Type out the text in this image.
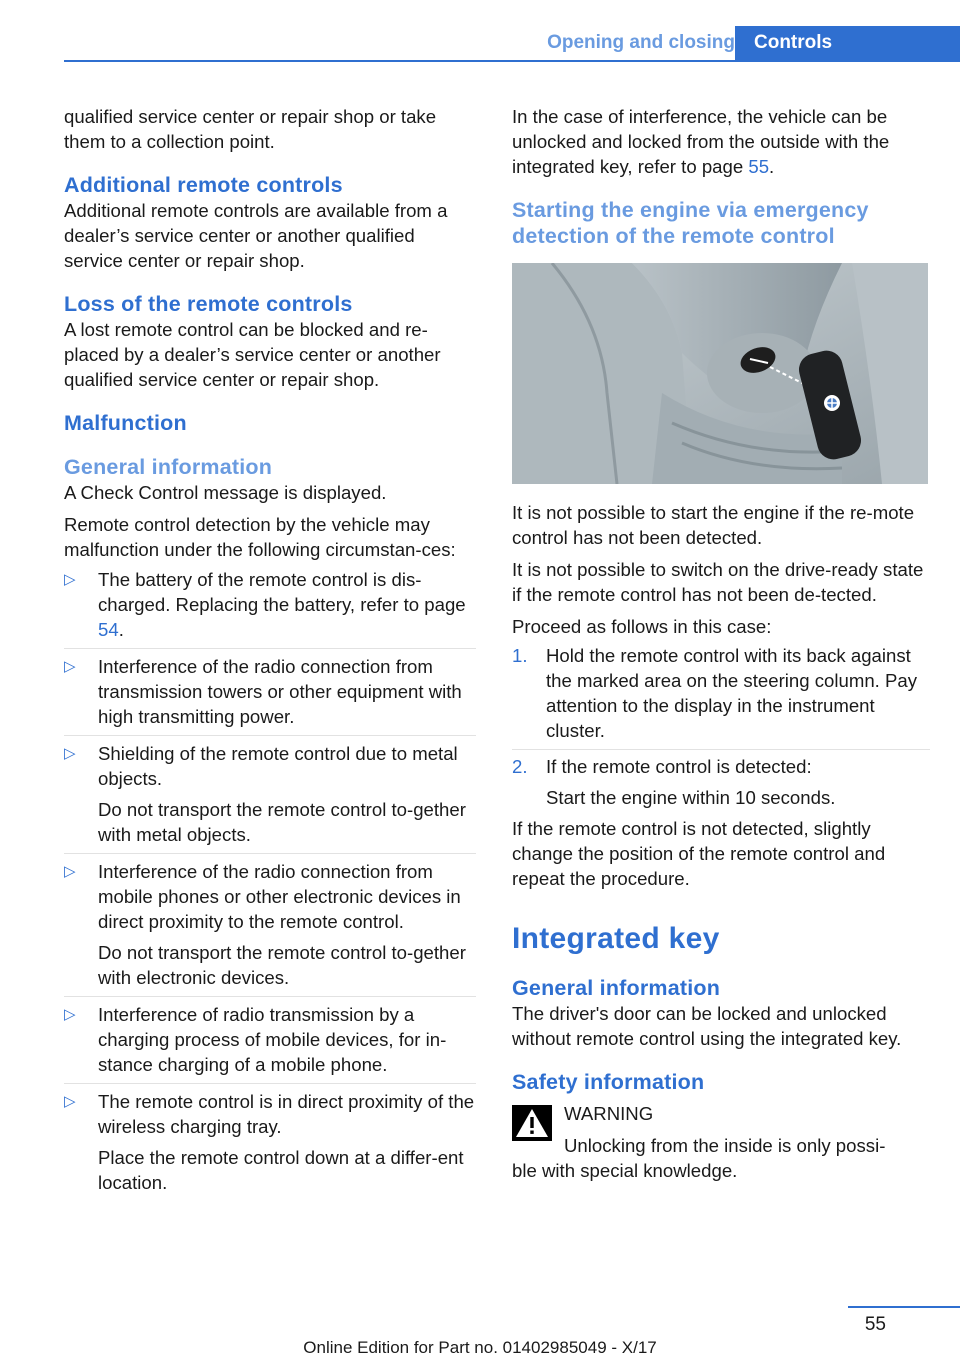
Opening and closing	Controls

qualified service center or repair shop or take them to a collection point.

Additional remote controls

Additional remote controls are available from a dealer’s service center or another qualified service center or repair shop.

Loss of the remote controls

A lost remote control can be blocked and re‐placed by a dealer’s service center or another qualified service center or repair shop.

Malfunction
General information

A Check Control message is displayed.

Remote control detection by the vehicle may malfunction under the following circumstan‐ces:

▷ The battery of the remote control is dis‐charged. Replacing the battery, refer to page 54.

▷ Interference of the radio connection from transmission towers or other equipment with high transmitting power.

▷ Shielding of the remote control due to metal objects.

Do not transport the remote control to‐gether with metal objects.

▷ Interference of the radio connection from mobile phones or other electronic devices in direct proximity to the remote control.

Do not transport the remote control to‐gether with electronic devices.

▷ Interference of radio transmission by a charging process of mobile devices, for in‐stance charging of a mobile phone.

▷ The remote control is in direct proximity of the wireless charging tray.

Place the remote control down at a differ‐ent location.

In the case of interference, the vehicle can be unlocked and locked from the outside with the integrated key, refer to page 55.

Starting the engine via emergency detection of the remote control

It is not possible to start the engine if the re‐mote control has not been detected.

It is not possible to switch on the drive-ready state if the remote control has not been de‐tected.

Proceed as follows in this case:

1. Hold the remote control with its back against the marked area on the steering column. Pay attention to the display in the instrument cluster.

2. If the remote control is detected:

Start the engine within 10 seconds.

If the remote control is not detected, slightly change the position of the remote control and repeat the procedure.

Integrated key
General information

The driver's door can be locked and unlocked without remote control using the integrated key.

Safety information
WARNING
Unlocking from the inside is only possi‐
ble with special knowledge.
55
Online Edition for Part no. 01402985049 - X/17
